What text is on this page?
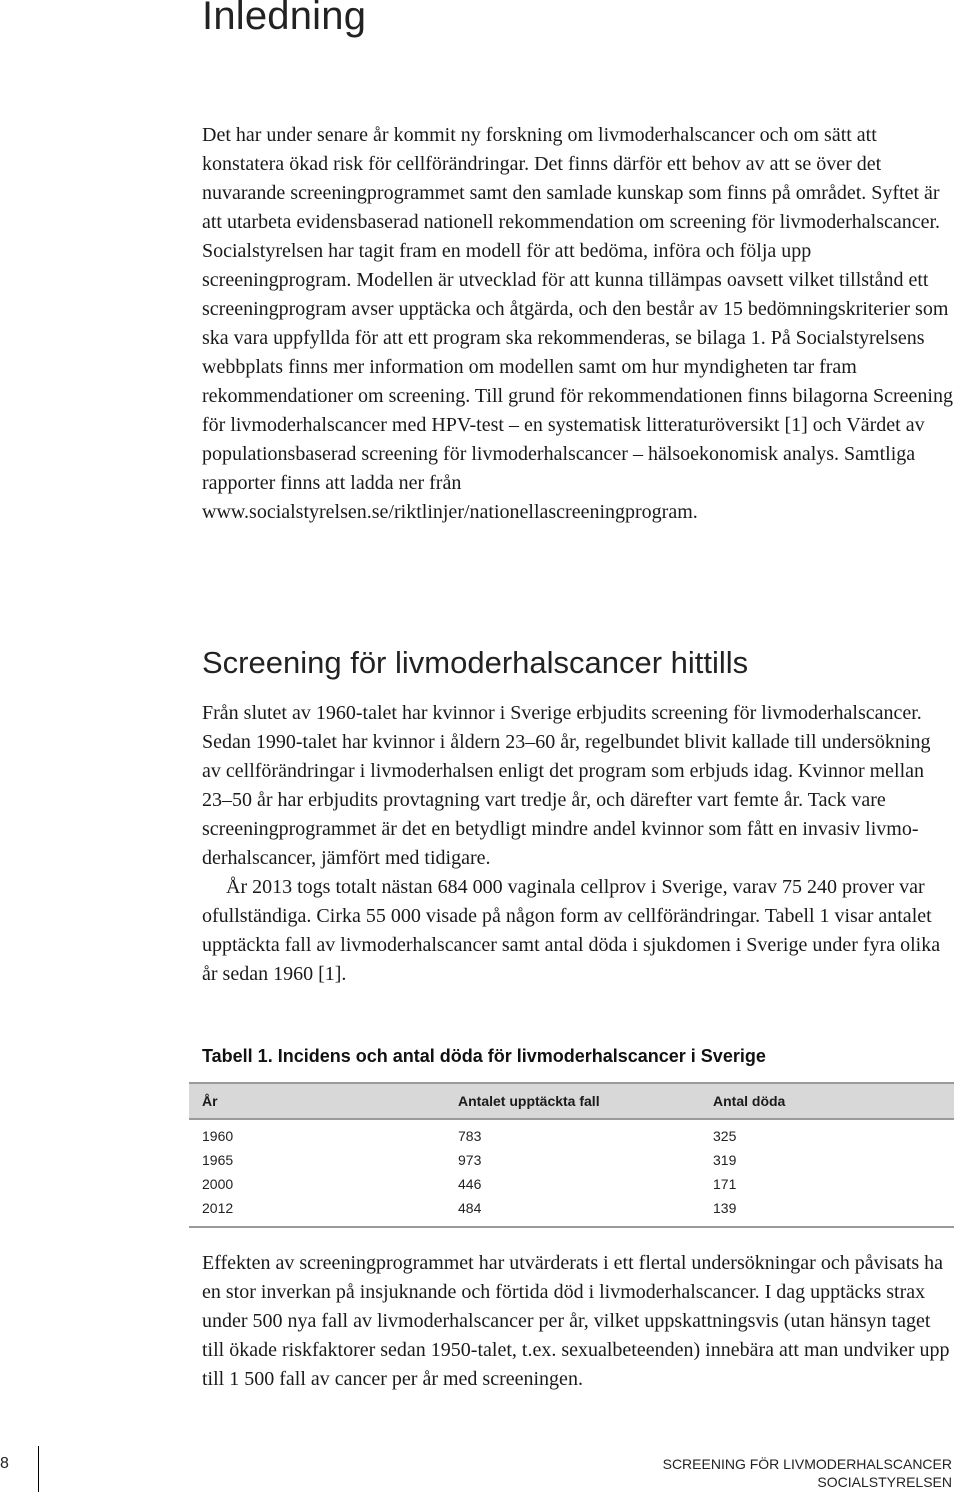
Inledning

Det har under senare år kommit ny forskning om livmoderhalscancer och om sätt att konstatera ökad risk för cellförändringar. Det finns därför ett behov av att se över det nuvarande screeningprogrammet samt den samlade kunskap som finns på området. Syftet är att utarbeta evidensbaserad nationell rekommendation om screening för livmoderhalscancer.

Socialstyrelsen har tagit fram en modell för att bedöma, införa och följa upp screeningprogram. Modellen är utvecklad för att kunna tillämpas oavsett vilket tillstånd ett screeningprogram avser upptäcka och åtgärda, och den består av 15 bedömningskriterier som ska vara uppfyllda för att ett program ska rekommenderas, se bilaga 1. På Socialstyrelsens webbplats finns mer information om modellen samt om hur myndigheten tar fram rekommendationer om screening. Till grund för rekommendationen finns bilagorna Screening för livmoderhalscancer med HPV-test – en systematisk litteraturöversikt [1] och Värdet av populationsbaserad screening för livmoderhalscancer – hälsoekonomisk analys. Samtliga rapporter finns att ladda ner från www.socialstyrelsen.se/riktlinjer/nationellascreeningprogram.

Screening för livmoderhalscancer hittills

Från slutet av 1960-talet har kvinnor i Sverige erbjudits screening för livmoderhalscancer. Sedan 1990-talet har kvinnor i åldern 23–60 år, regelbundet blivit kallade till undersökning av cellförändringar i livmoderhalsen enligt det program som erbjuds idag. Kvinnor mellan 23–50 år har erbjudits provtagning vart tredje år, och därefter vart femte år. Tack vare screeningprogrammet är det en betydligt mindre andel kvinnor som fått en invasiv livmoderhalscancer, jämfört med tidigare.

År 2013 togs totalt nästan 684 000 vaginala cellprov i Sverige, varav 75 240 prover var ofullständiga. Cirka 55 000 visade på någon form av cellförändringar. Tabell 1 visar antalet upptäckta fall av livmoderhalscancer samt antal döda i sjukdomen i Sverige under fyra olika år sedan 1960 [1].

Tabell 1. Incidens och antal döda för livmoderhalscancer i Sverige

År	Antalet upptäckta fall	Antal döda
1960	783	325
1965	973	319
2000	446	171
2012	484	139

Effekten av screeningprogrammet har utvärderats i ett flertal undersökningar och påvisats ha en stor inverkan på insjuknande och förtida död i livmoderhalscancer. I dag upptäcks strax under 500 nya fall av livmoderhalscancer per år, vilket uppskattningsvis (utan hänsyn taget till ökade riskfaktorer sedan 1950-talet, t.ex. sexualbeteenden) innebära att man undviker upp till 1 500 fall av cancer per år med screeningen.

8	SCREENING FÖR LIVMODERHALSCANCER
SOCIALSTYRELSEN
